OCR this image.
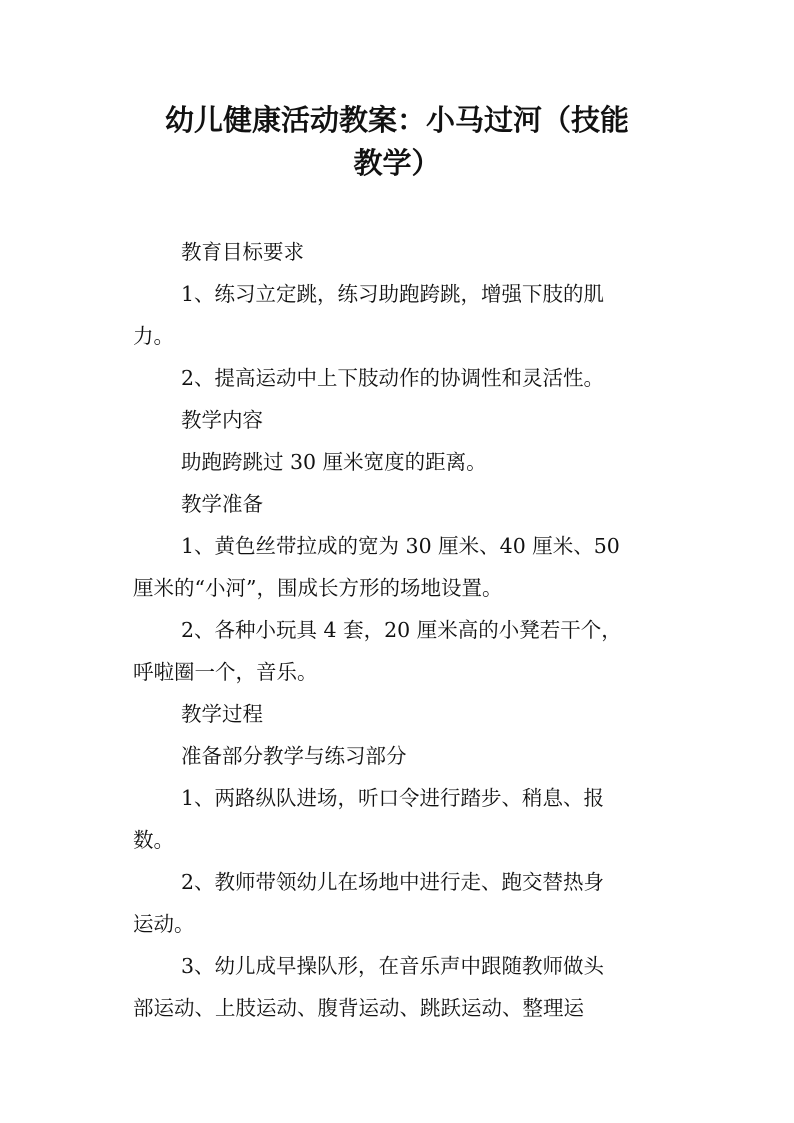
幼儿健康活动教案：小马过河（技能
教学）
教育目标要求
1、练习立定跳，练习助跑跨跳，增强下肢的肌
力。
2、提高运动中上下肢动作的协调性和灵活性。
教学内容
助跑跨跳过 30 厘米宽度的距离。
教学准备
1、黄色丝带拉成的宽为 30 厘米、40 厘米、50
厘米的“小河”，围成长方形的场地设置。
2、各种小玩具 4 套，20 厘米高的小凳若干个，
呼啦圈一个，音乐。
教学过程
准备部分教学与练习部分
1、两路纵队进场，听口令进行踏步、稍息、报
数。
2、教师带领幼儿在场地中进行走、跑交替热身
运动。
3、幼儿成早操队形，在音乐声中跟随教师做头
部运动、上肢运动、腹背运动、跳跃运动、整理运
